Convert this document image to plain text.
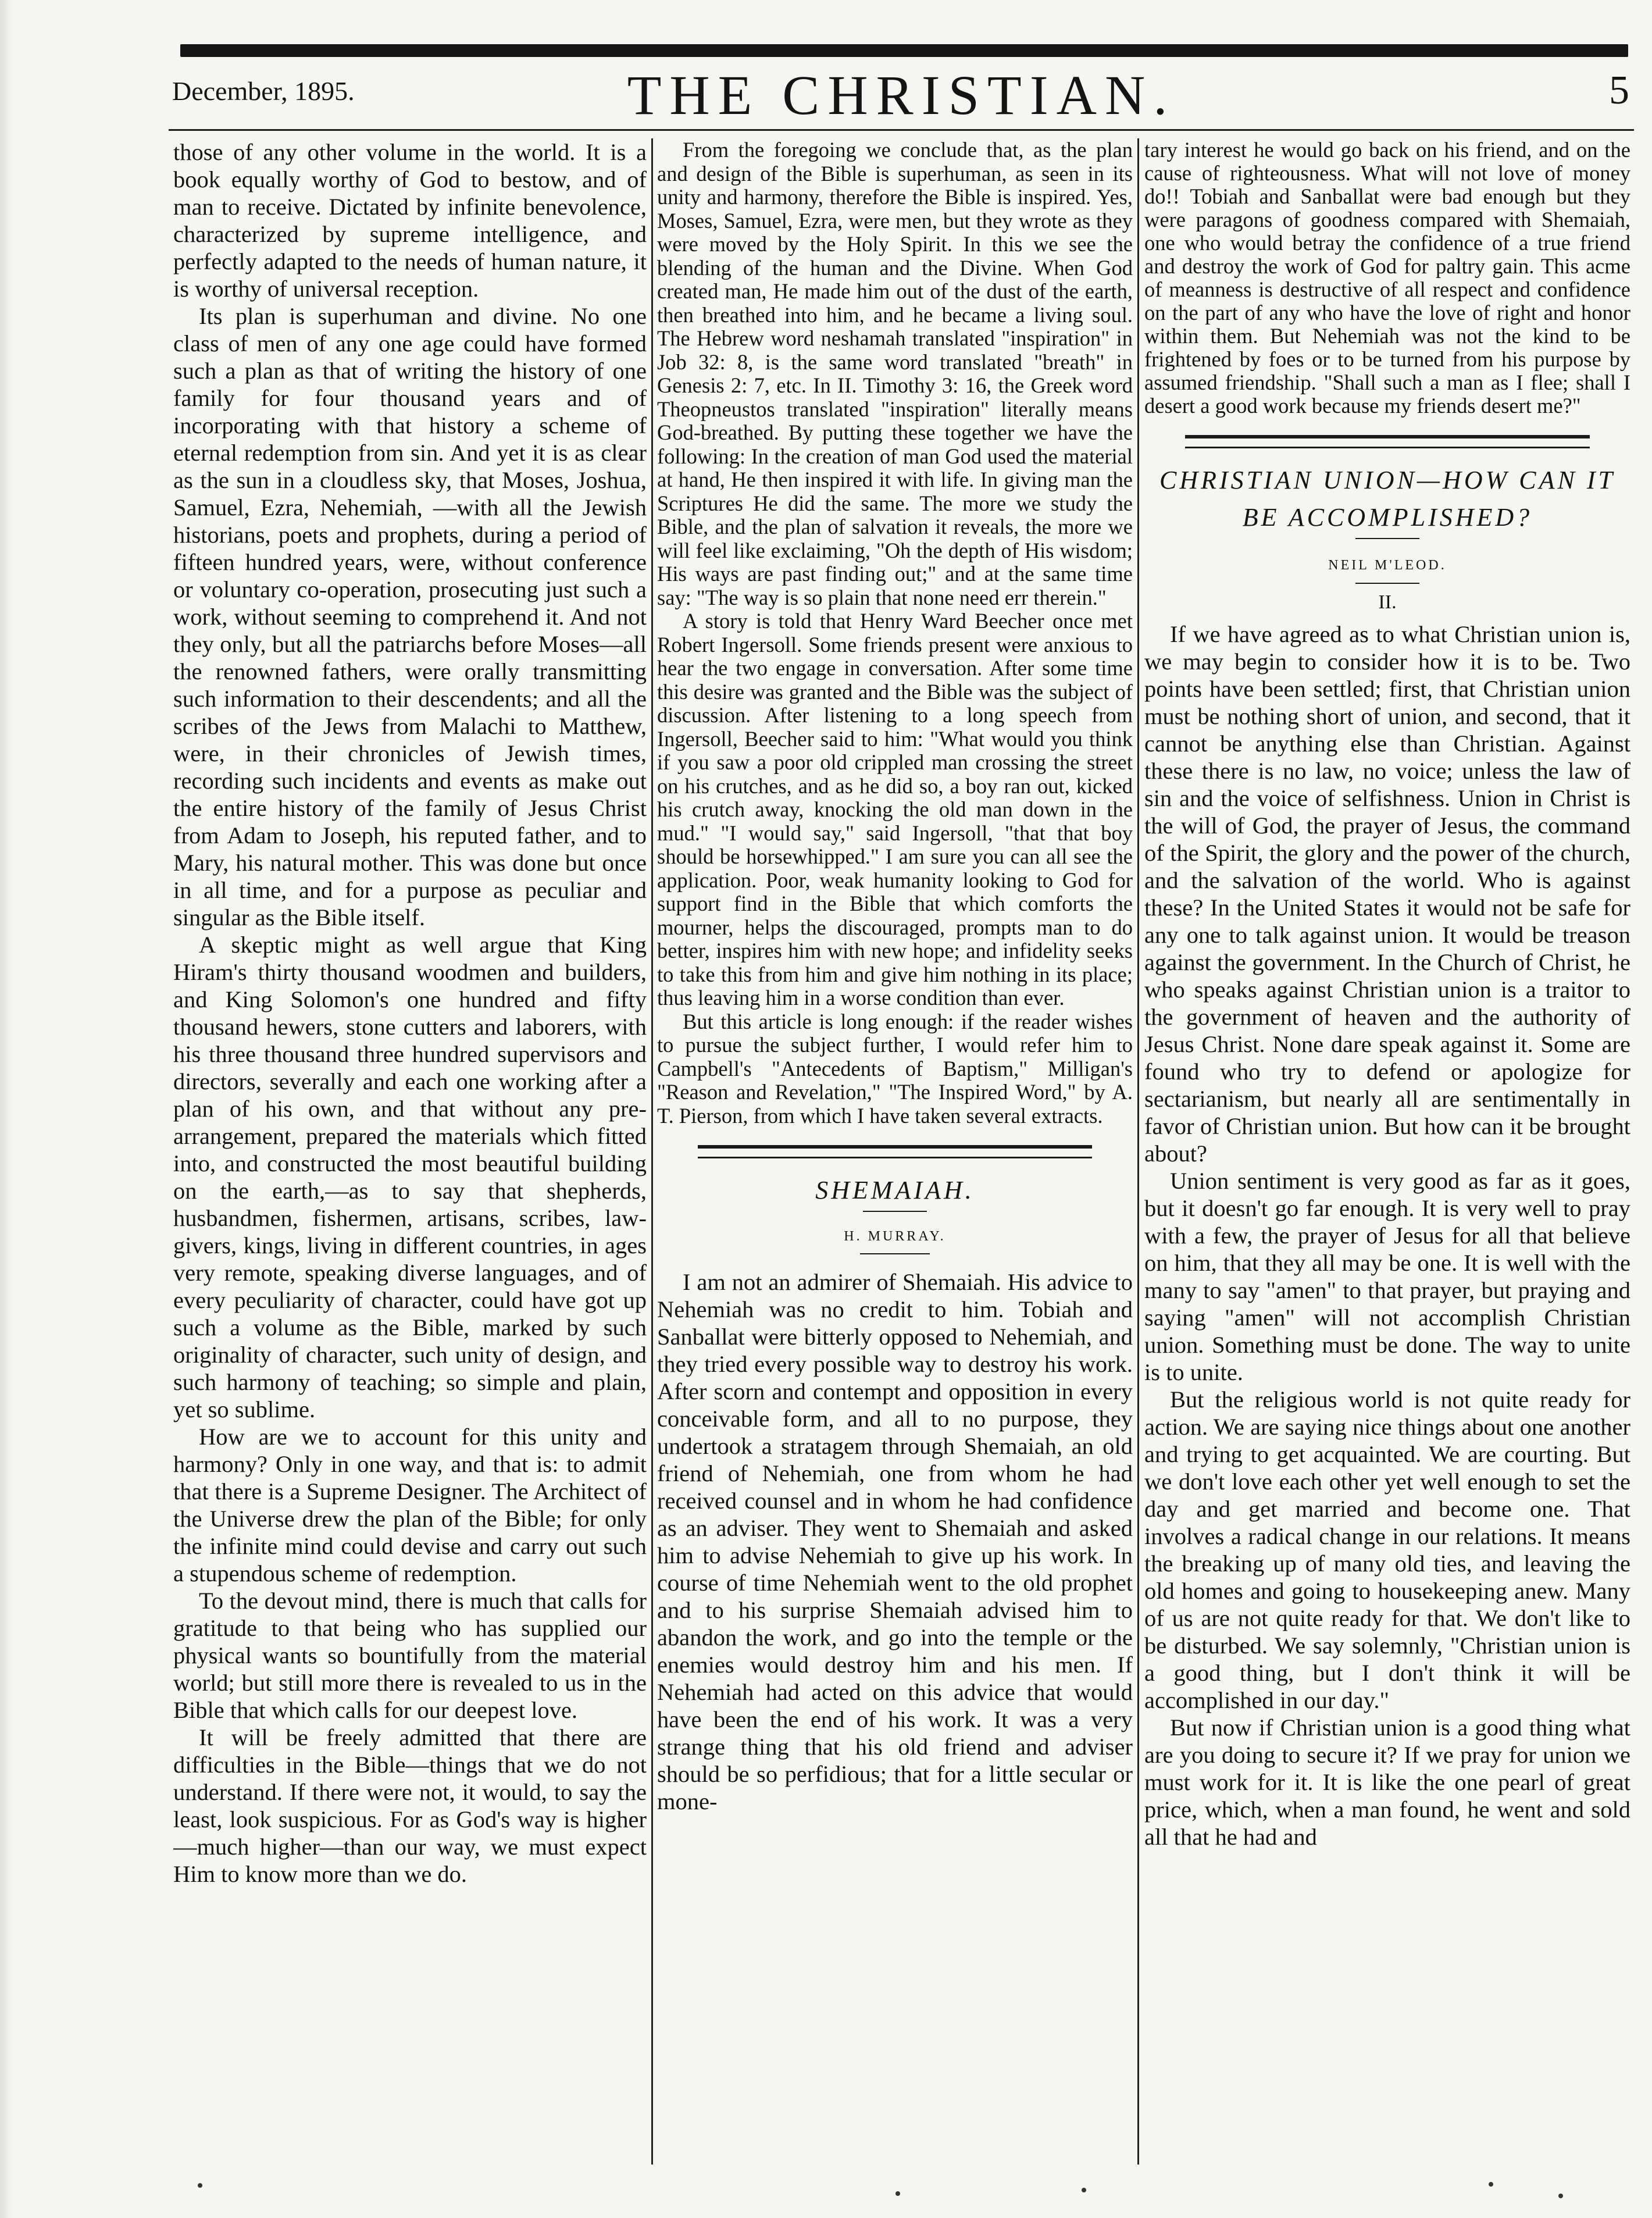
December, 1895.	THE CHRISTIAN.	5

those of any other volume in the world. It is a book equally worthy of God to bestow, and of man to receive. Dictated by infinite benevolence, characterized by supreme intelligence, and perfectly adapted to the needs of human nature, it is worthy of universal reception.

Its plan is superhuman and divine. No one class of men of any one age could have formed such a plan as that of writing the history of one family for four thousand years and of incorporating with that history a scheme of eternal redemption from sin. And yet it is as clear as the sun in a cloudless sky, that Moses, Joshua, Samuel, Ezra, Nehemiah, —with all the Jewish historians, poets and prophets, during a period of fifteen hundred years, were, without conference or voluntary co-operation, prosecuting just such a work, without seeming to comprehend it. And not they only, but all the patriarchs before Moses—all the renowned fathers, were orally transmitting such information to their descendents; and all the scribes of the Jews from Malachi to Matthew, were, in their chronicles of Jewish times, recording such incidents and events as make out the entire history of the family of Jesus Christ from Adam to Joseph, his reputed father, and to Mary, his natural mother. This was done but once in all time, and for a purpose as peculiar and singular as the Bible itself.

A skeptic might as well argue that King Hiram's thirty thousand woodmen and builders, and King Solomon's one hundred and fifty thousand hewers, stone cutters and laborers, with his three thousand three hundred supervisors and directors, severally and each one working after a plan of his own, and that without any pre-arrangement, prepared the materials which fitted into, and constructed the most beautiful building on the earth,—as to say that shepherds, husbandmen, fishermen, artisans, scribes, law-givers, kings, living in different countries, in ages very remote, speaking diverse languages, and of every peculiarity of character, could have got up such a volume as the Bible, marked by such originality of character, such unity of design, and such harmony of teaching; so simple and plain, yet so sublime.

How are we to account for this unity and harmony? Only in one way, and that is: to admit that there is a Supreme Designer. The Architect of the Universe drew the plan of the Bible; for only the infinite mind could devise and carry out such a stupendous scheme of redemption.

To the devout mind, there is much that calls for gratitude to that being who has supplied our physical wants so bountifully from the material world; but still more there is revealed to us in the Bible that which calls for our deepest love.

It will be freely admitted that there are difficulties in the Bible—things that we do not understand. If there were not, it would, to say the least, look suspicious. For as God's way is higher—much higher—than our way, we must expect Him to know more than we do.

From the foregoing we conclude that, as the plan and design of the Bible is superhuman, as seen in its unity and harmony, therefore the Bible is inspired. Yes, Moses, Samuel, Ezra, were men, but they wrote as they were moved by the Holy Spirit. In this we see the blending of the human and the Divine. When God created man, He made him out of the dust of the earth, then breathed into him, and he became a living soul. The Hebrew word neshamah translated "inspiration" in Job 32: 8, is the same word translated "breath" in Genesis 2: 7, etc. In II. Timothy 3: 16, the Greek word Theopneustos translated "inspiration" literally means God-breathed. By putting these together we have the following: In the creation of man God used the material at hand, He then inspired it with life. In giving man the Scriptures He did the same. The more we study the Bible, and the plan of salvation it reveals, the more we will feel like exclaiming, "Oh the depth of His wisdom; His ways are past finding out;" and at the same time say: "The way is so plain that none need err therein."

A story is told that Henry Ward Beecher once met Robert Ingersoll. Some friends present were anxious to hear the two engage in conversation. After some time this desire was granted and the Bible was the subject of discussion. After listening to a long speech from Ingersoll, Beecher said to him: "What would you think if you saw a poor old crippled man crossing the street on his crutches, and as he did so, a boy ran out, kicked his crutch away, knocking the old man down in the mud." "I would say," said Ingersoll, "that that boy should be horsewhipped." I am sure you can all see the application. Poor, weak humanity looking to God for support find in the Bible that which comforts the mourner, helps the discouraged, prompts man to do better, inspires him with new hope; and infidelity seeks to take this from him and give him nothing in its place; thus leaving him in a worse condition than ever.

But this article is long enough: if the reader wishes to pursue the subject further, I would refer him to Campbell's "Antecedents of Baptism," Milligan's "Reason and Revelation," "The Inspired Word," by A. T. Pierson, from which I have taken several extracts.

SHEMAIAH.
H. MURRAY.

I am not an admirer of Shemaiah. His advice to Nehemiah was no credit to him. Tobiah and Sanballat were bitterly opposed to Nehemiah, and they tried every possible way to destroy his work. After scorn and contempt and opposition in every conceivable form, and all to no purpose, they undertook a stratagem through Shemaiah, an old friend of Nehemiah, one from whom he had received counsel and in whom he had confidence as an adviser. They went to Shemaiah and asked him to advise Nehemiah to give up his work. In course of time Nehemiah went to the old prophet and to his surprise Shemaiah advised him to abandon the work, and go into the temple or the enemies would destroy him and his men. If Nehemiah had acted on this advice that would have been the end of his work. It was a very strange thing that his old friend and adviser should be so perfidious; that for a little secular or mone-

tary interest he would go back on his friend, and on the cause of righteousness. What will not love of money do!! Tobiah and Sanballat were bad enough but they were paragons of goodness compared with Shemaiah, one who would betray the confidence of a true friend and destroy the work of God for paltry gain. This acme of meanness is destructive of all respect and confidence on the part of any who have the love of right and honor within them. But Nehemiah was not the kind to be frightened by foes or to be turned from his purpose by assumed friendship. "Shall such a man as I flee; shall I desert a good work because my friends desert me?"

CHRISTIAN UNION—HOW CAN IT
BE ACCOMPLISHED?
NEIL M'LEOD.
II.

If we have agreed as to what Christian union is, we may begin to consider how it is to be. Two points have been settled; first, that Christian union must be nothing short of union, and second, that it cannot be anything else than Christian. Against these there is no law, no voice; unless the law of sin and the voice of selfishness. Union in Christ is the will of God, the prayer of Jesus, the command of the Spirit, the glory and the power of the church, and the salvation of the world. Who is against these? In the United States it would not be safe for any one to talk against union. It would be treason against the government. In the Church of Christ, he who speaks against Christian union is a traitor to the government of heaven and the authority of Jesus Christ. None dare speak against it. Some are found who try to defend or apologize for sectarianism, but nearly all are sentimentally in favor of Christian union. But how can it be brought about?

Union sentiment is very good as far as it goes, but it doesn't go far enough. It is very well to pray with a few, the prayer of Jesus for all that believe on him, that they all may be one. It is well with the many to say "amen" to that prayer, but praying and saying "amen" will not accomplish Christian union. Something must be done. The way to unite is to unite.

But the religious world is not quite ready for action. We are saying nice things about one another and trying to get acquainted. We are courting. But we don't love each other yet well enough to set the day and get married and become one. That involves a radical change in our relations. It means the breaking up of many old ties, and leaving the old homes and going to housekeeping anew. Many of us are not quite ready for that. We don't like to be disturbed. We say solemnly, "Christian union is a good thing, but I don't think it will be accomplished in our day."

But now if Christian union is a good thing what are you doing to secure it? If we pray for union we must work for it. It is like the one pearl of great price, which, when a man found, he went and sold all that he had and
